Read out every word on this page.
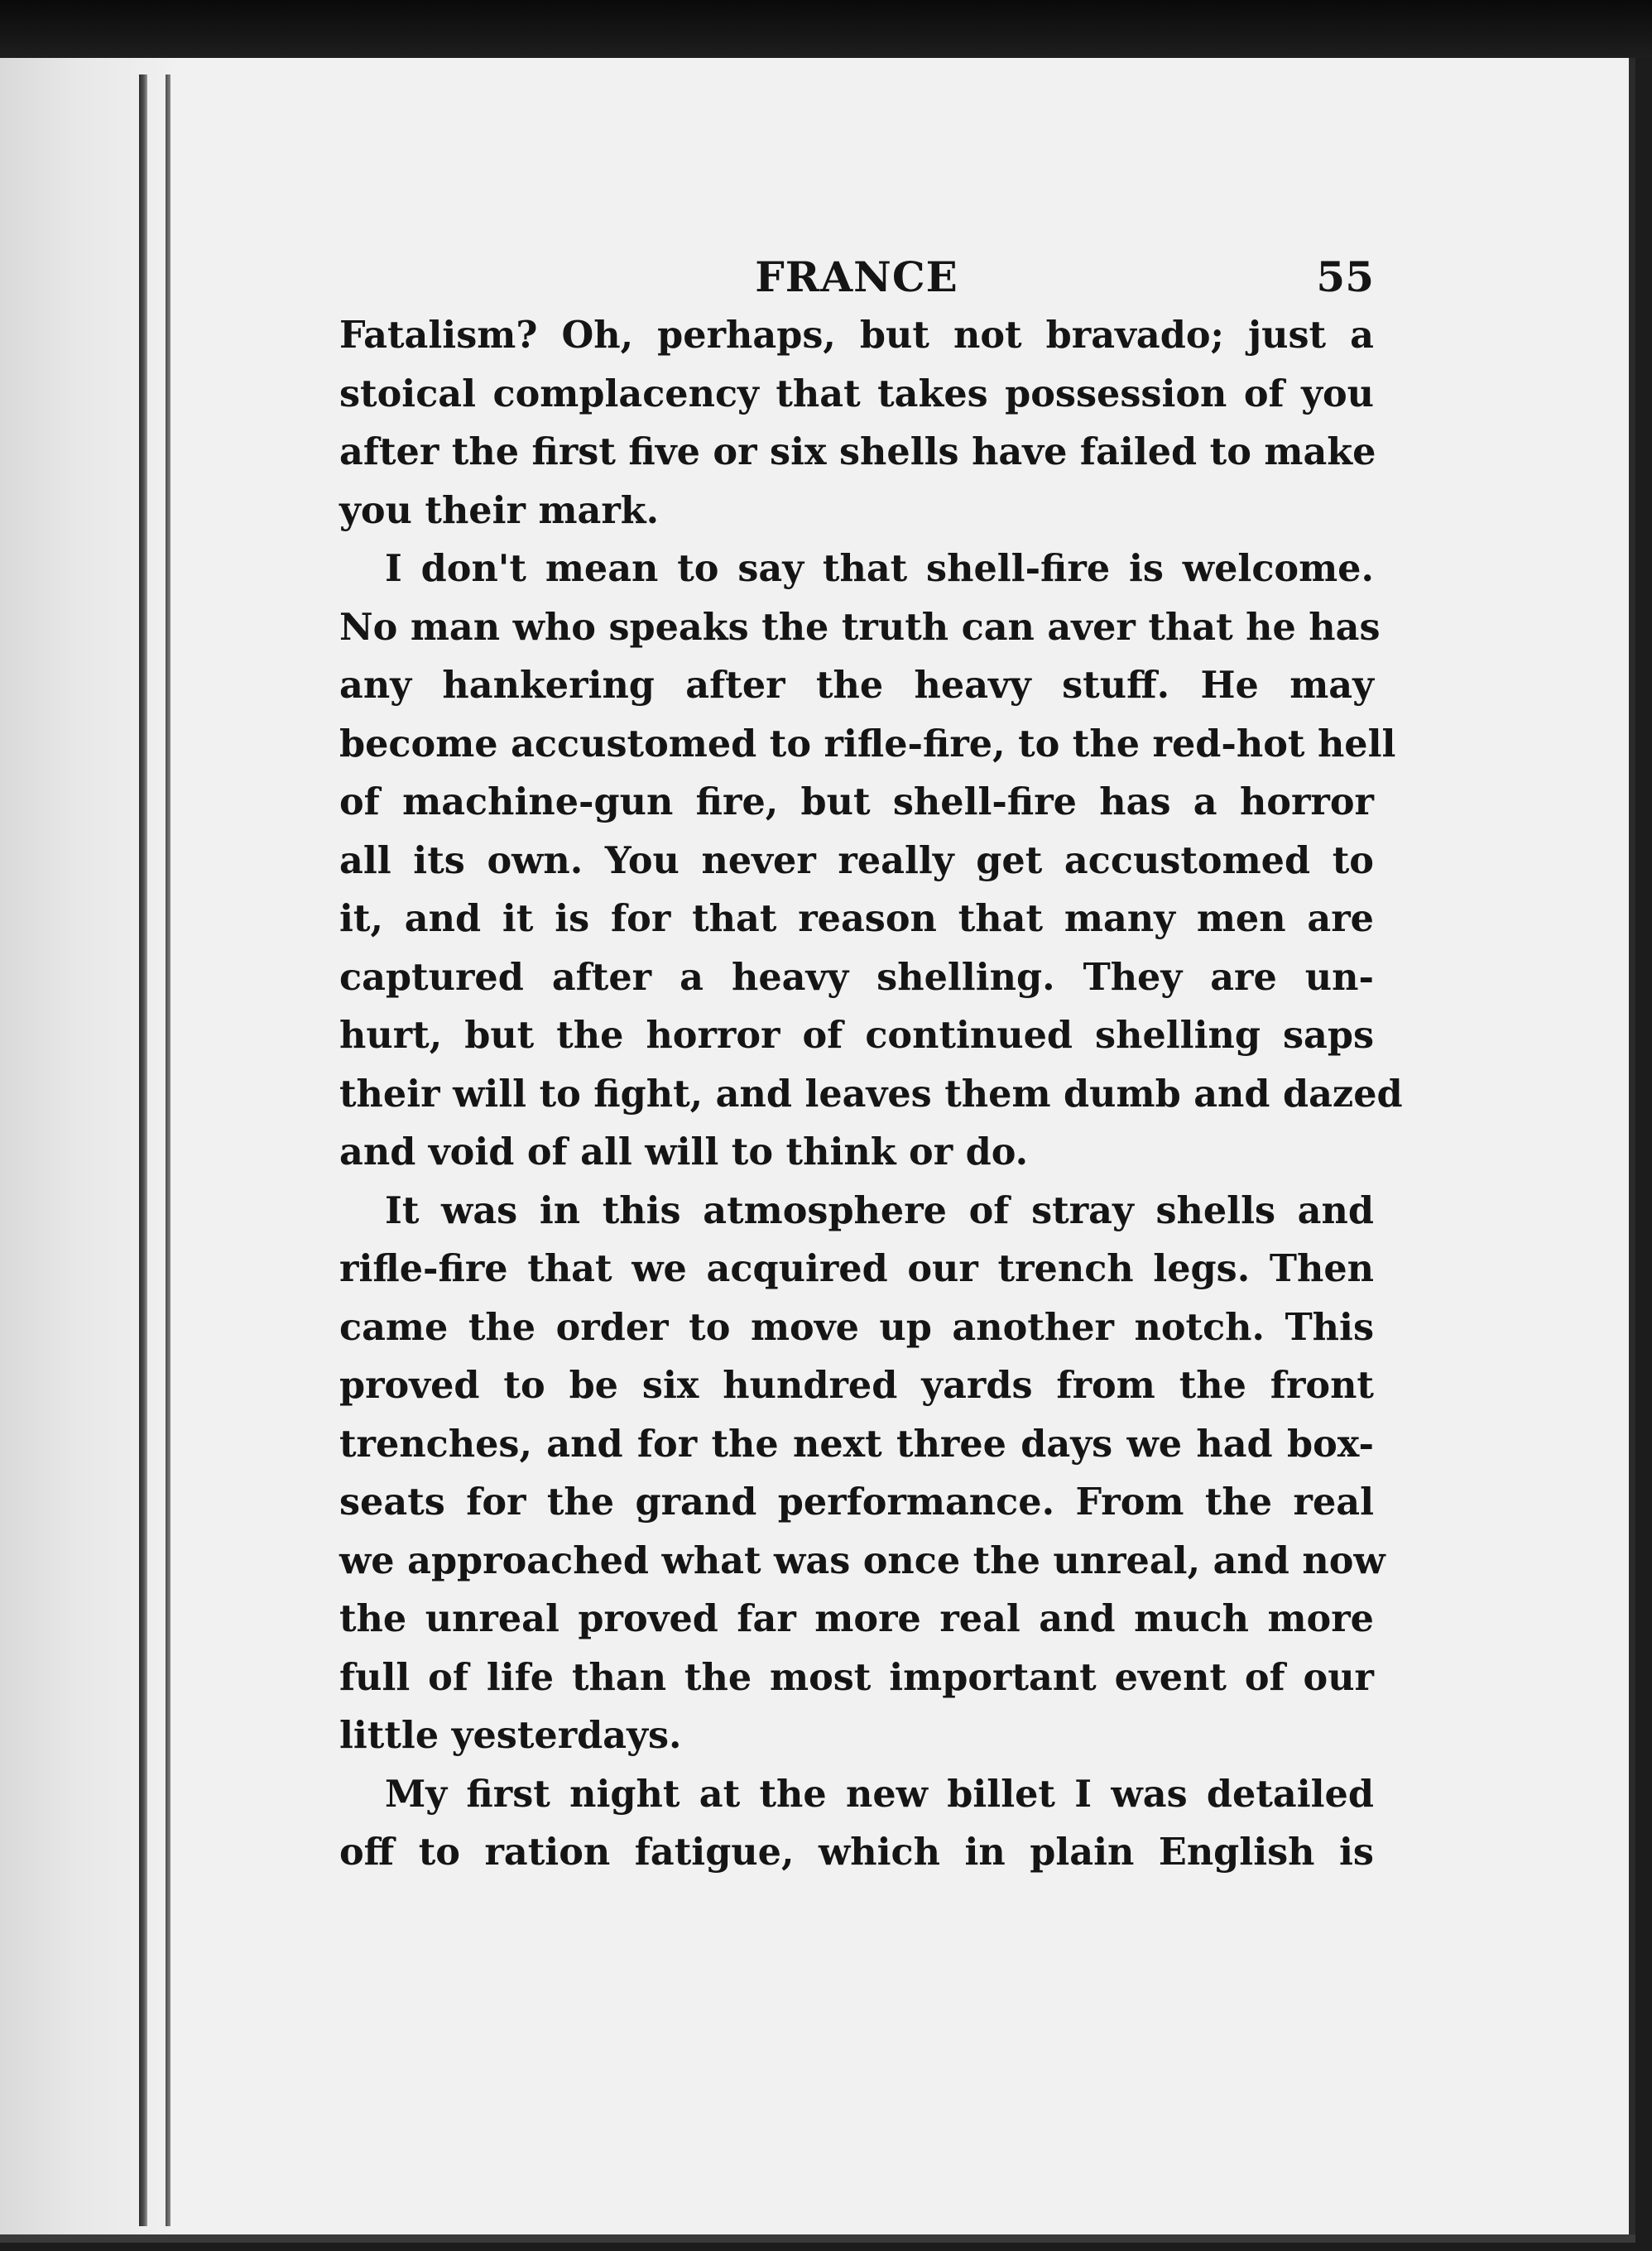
FRANCE	55
Fatalism? Oh, perhaps, but not bravado; just a
stoical complacency that takes possession of you
after the first five or six shells have failed to make
you their mark.
I don't mean to say that shell-fire is welcome.
No man who speaks the truth can aver that he has
any hankering after the heavy stuff. He may
become accustomed to rifle-fire, to the red-hot hell
of machine-gun fire, but shell-fire has a horror
all its own. You never really get accustomed to
it, and it is for that reason that many men are
captured after a heavy shelling. They are un-
hurt, but the horror of continued shelling saps
their will to fight, and leaves them dumb and dazed
and void of all will to think or do.
It was in this atmosphere of stray shells and
rifle-fire that we acquired our trench legs. Then
came the order to move up another notch. This
proved to be six hundred yards from the front
trenches, and for the next three days we had box-
seats for the grand performance. From the real
we approached what was once the unreal, and now
the unreal proved far more real and much more
full of life than the most important event of our
little yesterdays.
My first night at the new billet I was detailed
off to ration fatigue, which in plain English is
